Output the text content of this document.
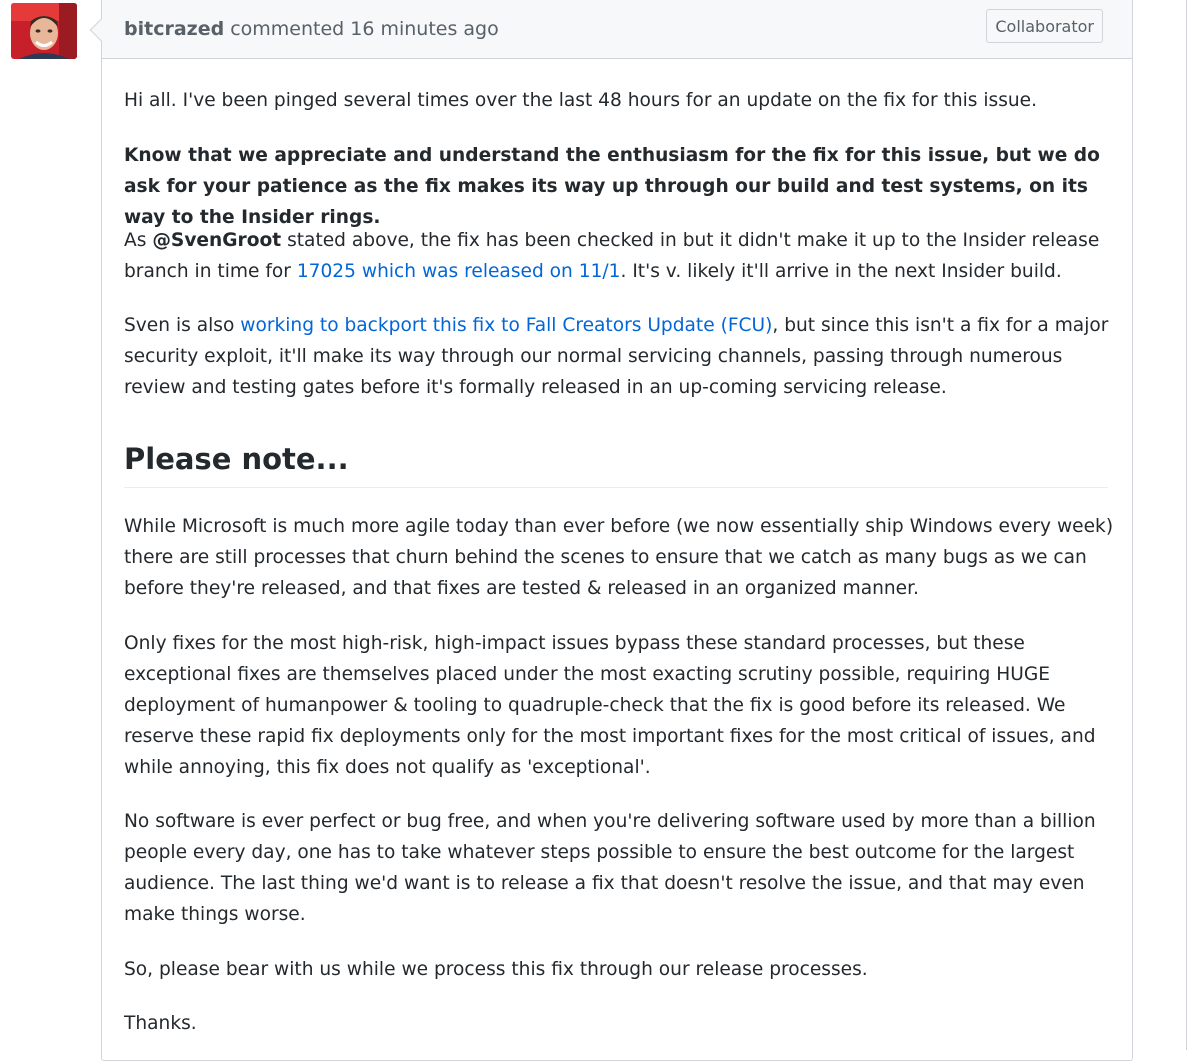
bitcrazed commented 16 minutes ago	Collaborator

Hi all. I've been pinged several times over the last 48 hours for an update on the fix for this issue.

Know that we appreciate and understand the enthusiasm for the fix for this issue, but we do ask for your patience as the fix makes its way up through our build and test systems, on its way to the Insider rings.

As @SvenGroot stated above, the fix has been checked in but it didn't make it up to the Insider release branch in time for 17025 which was released on 11/1. It's v. likely it'll arrive in the next Insider build.

Sven is also working to backport this fix to Fall Creators Update (FCU), but since this isn't a fix for a major security exploit, it'll make its way through our normal servicing channels, passing through numerous review and testing gates before it's formally released in an up-coming servicing release.

Please note...

While Microsoft is much more agile today than ever before (we now essentially ship Windows every week) there are still processes that churn behind the scenes to ensure that we catch as many bugs as we can before they're released, and that fixes are tested & released in an organized manner.

Only fixes for the most high-risk, high-impact issues bypass these standard processes, but these exceptional fixes are themselves placed under the most exacting scrutiny possible, requiring HUGE deployment of humanpower & tooling to quadruple-check that the fix is good before its released. We reserve these rapid fix deployments only for the most important fixes for the most critical of issues, and while annoying, this fix does not qualify as 'exceptional'.

No software is ever perfect or bug free, and when you're delivering software used by more than a billion people every day, one has to take whatever steps possible to ensure the best outcome for the largest audience. The last thing we'd want is to release a fix that doesn't resolve the issue, and that may even make things worse.

So, please bear with us while we process this fix through our release processes.

Thanks.
